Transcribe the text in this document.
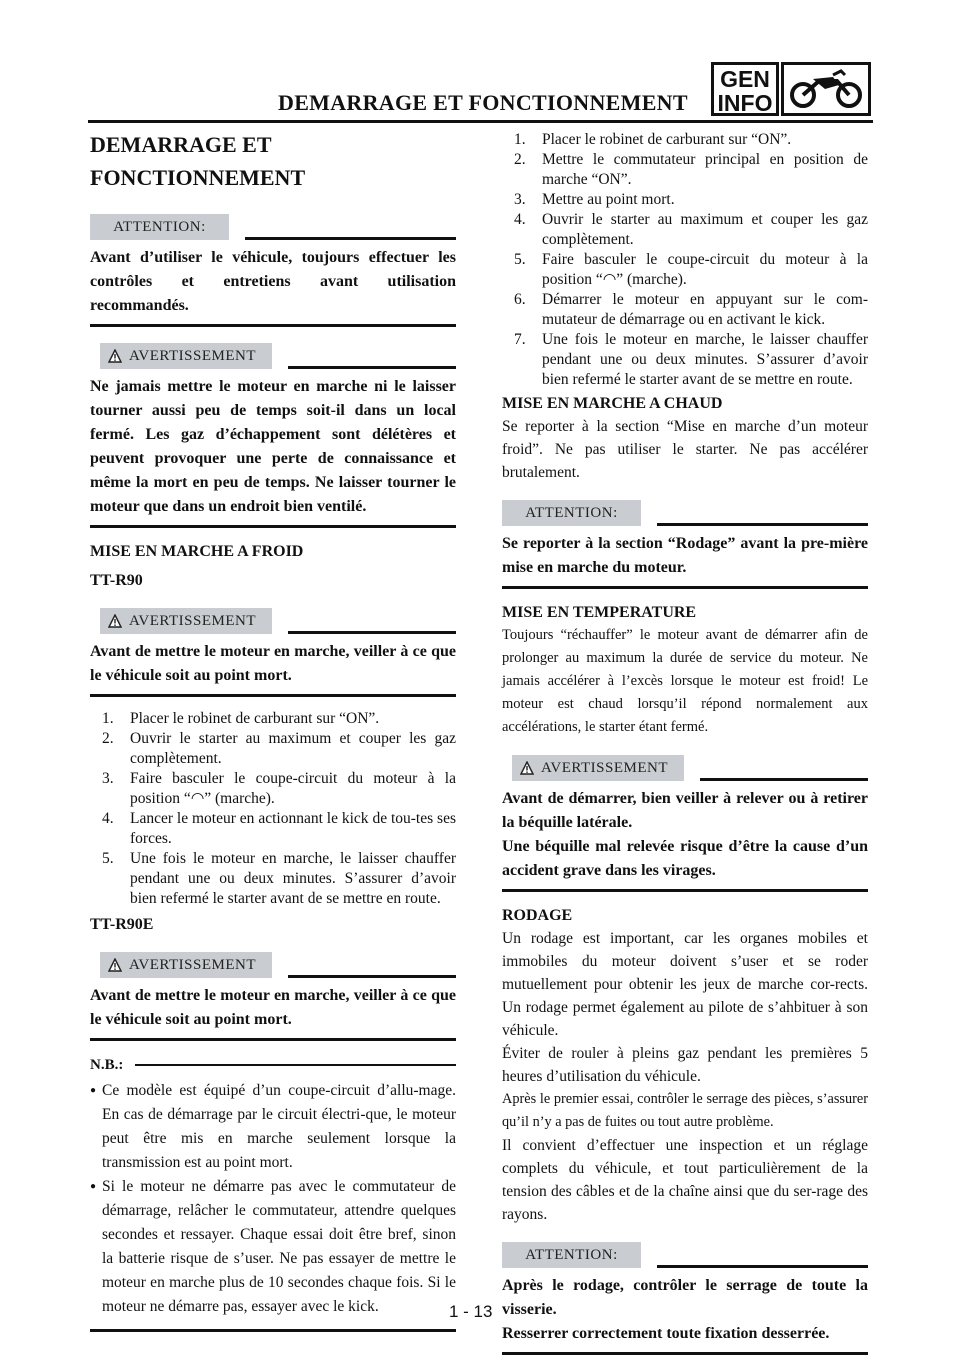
DEMARRAGE ET FONCTIONNEMENT
GEN
INFO
DEMARRAGE ET
FONCTIONNEMENT
ATTENTION:
Avant d’utiliser le véhicule, toujours effectuer les contrôles et entretiens avant utilisation recommandés.
AVERTISSEMENT
Ne jamais mettre le moteur en marche ni le laisser tourner aussi peu de temps soit-il dans un local fermé. Les gaz d’échappement sont délétères et peuvent provoquer une perte de connaissance et même la mort en peu de temps. Ne laisser tourner le moteur que dans un endroit bien ventilé.
MISE EN MARCHE A FROID
TT-R90
AVERTISSEMENT
Avant de mettre le moteur en marche, veiller à ce que le véhicule soit au point mort.
1.	Placer le robinet de carburant sur “ON”.
2.	Ouvrir le starter au maximum et couper les gaz complètement.
3.	Faire basculer le coupe-circuit du moteur à la position “◠” (marche).
4.	Lancer le moteur en actionnant le kick de tou-tes ses forces.
5.	Une fois le moteur en marche, le laisser chauffer pendant une ou deux minutes. S’assurer d’avoir bien refermé le starter avant de se mettre en route.
TT-R90E
AVERTISSEMENT
Avant de mettre le moteur en marche, veiller à ce que le véhicule soit au point mort.
N.B.:
● Ce modèle est équipé d’un coupe-circuit d’allu-mage. En cas de démarrage par le circuit électri-que, le moteur peut être mis en marche seulement lorsque la transmission est au point mort.
● Si le moteur ne démarre pas avec le commutateur de démarrage, relâcher le commutateur, attendre quelques secondes et ressayer. Chaque essai doit être bref, sinon la batterie risque de s’user. Ne pas essayer de mettre le moteur en marche plus de 10 secondes chaque fois. Si le moteur ne démarre pas, essayer avec le kick.
1.	Placer le robinet de carburant sur “ON”.
2.	Mettre le commutateur principal en position de marche “ON”.
3.	Mettre au point mort.
4.	Ouvrir le starter au maximum et couper les gaz complètement.
5.	Faire basculer le coupe-circuit du moteur à la position “◠” (marche).
6.	Démarrer le moteur en appuyant sur le com-mutateur de démarrage ou en activant le kick.
7.	Une fois le moteur en marche, le laisser chauffer pendant une ou deux minutes. S’assurer d’avoir bien refermé le starter avant de se mettre en route.
MISE EN MARCHE A CHAUD

Se reporter à la section “Mise en marche d’un moteur froid”. Ne pas utiliser le starter. Ne pas accélérer brutalement.

ATTENTION:
Se reporter à la section “Rodage” avant la pre-mière mise en marche du moteur.
MISE EN TEMPERATURE

Toujours “réchauffer” le moteur avant de démarrer afin de prolonger au maximum la durée de service du moteur. Ne jamais accélérer à l’excès lorsque le moteur est froid! Le moteur est chaud lorsqu’il répond normalement aux accélérations, le starter étant fermé.

AVERTISSEMENT
Avant de démarrer, bien veiller à relever ou à retirer la béquille latérale.
Une béquille mal relevée risque d’être la cause d’un accident grave dans les virages.
RODAGE

Un rodage est important, car les organes mobiles et immobiles du moteur doivent s’user et se roder mutuellement pour obtenir les jeux de marche cor-rects. Un rodage permet également au pilote de s’ahbituer à son véhicule.

Éviter de rouler à pleins gaz pendant les premières 5 heures d’utilisation du véhicule.

Après le premier essai, contrôler le serrage des pièces, s’assurer qu’il n’y a pas de fuites ou tout autre problème.

Il convient d’effectuer une inspection et un réglage complets du véhicule, et tout particulièrement de la tension des câbles et de la chaîne ainsi que du ser-rage des rayons.

ATTENTION:
Après le rodage, contrôler le serrage de toute la visserie.
Resserrer correctement toute fixation desserrée.
1 - 13
